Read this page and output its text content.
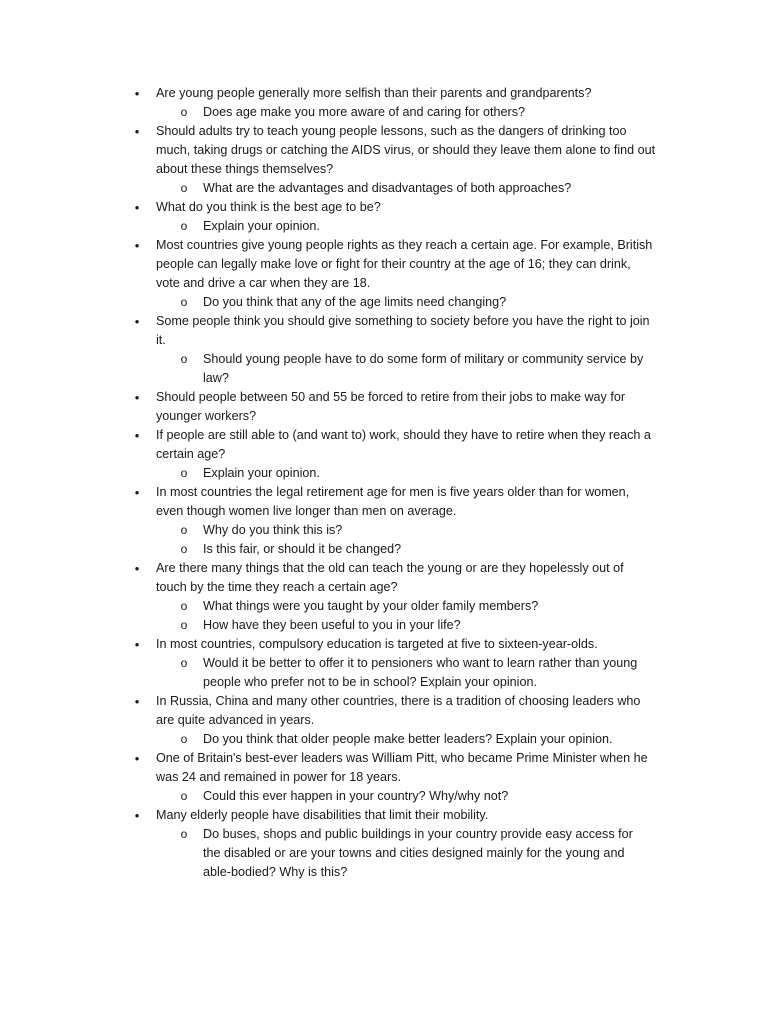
• Are young people generally more selfish than their parents and grandparents?
o Does age make you more aware of and caring for others?
• Should adults try to teach young people lessons, such as the dangers of drinking too much, taking drugs or catching the AIDS virus, or should they leave them alone to find out about these things themselves?
o What are the advantages and disadvantages of both approaches?
• What do you think is the best age to be?
o Explain your opinion.
• Most countries give young people rights as they reach a certain age. For example, British people can legally make love or fight for their country at the age of 16; they can drink, vote and drive a car when they are 18.
o Do you think that any of the age limits need changing?
• Some people think you should give something to society before you have the right to join it.
o Should young people have to do some form of military or community service by law?
• Should people between 50 and 55 be forced to retire from their jobs to make way for younger workers?
• If people are still able to (and want to) work, should they have to retire when they reach a certain age?
o Explain your opinion.
• In most countries the legal retirement age for men is five years older than for women, even though women live longer than men on average.
o Why do you think this is?
o Is this fair, or should it be changed?
• Are there many things that the old can teach the young or are they hopelessly out of touch by the time they reach a certain age?
o What things were you taught by your older family members?
o How have they been useful to you in your life?
• In most countries, compulsory education is targeted at five to sixteen-year-olds.
o Would it be better to offer it to pensioners who want to learn rather than young people who prefer not to be in school? Explain your opinion.
• In Russia, China and many other countries, there is a tradition of choosing leaders who are quite advanced in years.
o Do you think that older people make better leaders? Explain your opinion.
• One of Britain's best-ever leaders was William Pitt, who became Prime Minister when he was 24 and remained in power for 18 years.
o Could this ever happen in your country? Why/why not?
• Many elderly people have disabilities that limit their mobility.
o Do buses, shops and public buildings in your country provide easy access for the disabled or are your towns and cities designed mainly for the young and able-bodied? Why is this?
